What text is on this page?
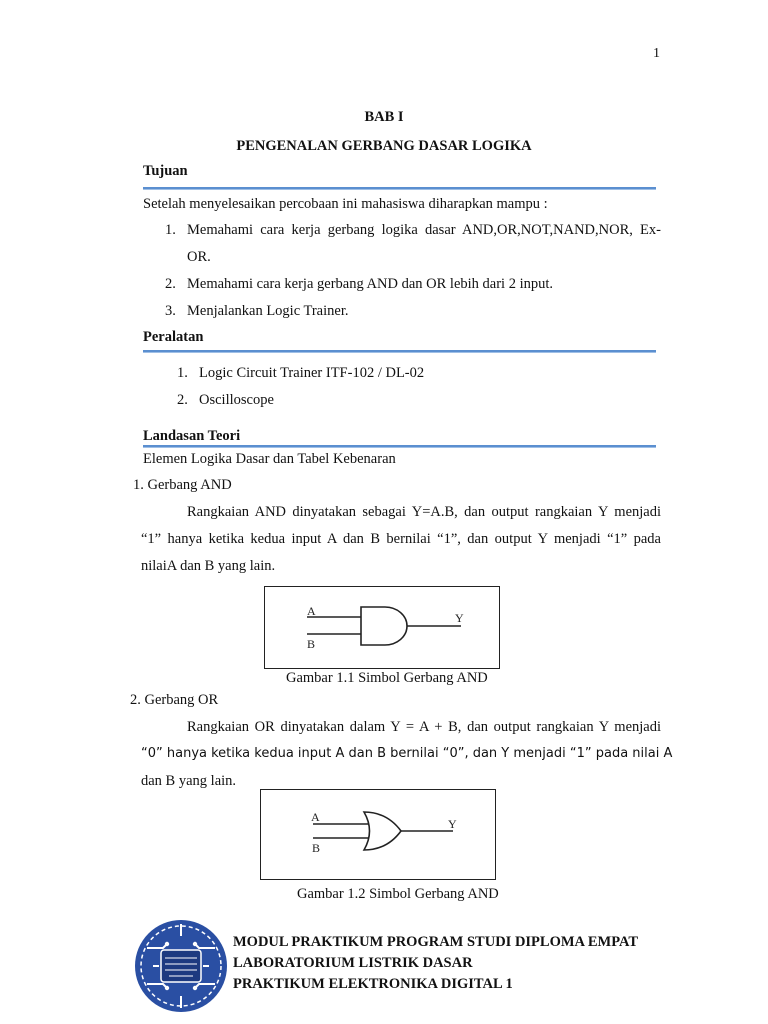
1
BAB I
PENGENALAN GERBANG DASAR LOGIKA
Tujuan
Setelah menyelesaikan percobaan ini mahasiswa diharapkan mampu :
1. Memahami cara kerja gerbang logika dasar AND,OR,NOT,NAND,NOR, Ex-
OR.
2. Memahami cara kerja gerbang AND dan OR lebih dari 2 input.
3. Menjalankan Logic Trainer.
Peralatan
1. Logic Circuit Trainer ITF-102 / DL-02
2. Oscilloscope
Landasan Teori
Elemen Logika Dasar dan Tabel Kebenaran
1. Gerbang AND
Rangkaian AND dinyatakan sebagai Y=A.B, dan output rangkaian Y menjadi
“1” hanya ketika kedua input A dan B bernilai “1”, dan output Y menjadi “1” pada
nilaiA dan B yang lain.
A
B
Y
Gambar 1.1 Simbol Gerbang AND
2. Gerbang OR
Rangkaian OR dinyatakan dalam Y = A + B, dan output rangkaian Y menjadi
“0” hanya ketika kedua input A dan B bernilai “0”, dan Y menjadi “1” pada nilai A
dan B yang lain.
A
B
Y
Gambar 1.2 Simbol Gerbang AND
MODUL PRAKTIKUM PROGRAM STUDI DIPLOMA EMPAT
LABORATORIUM LISTRIK DASAR
PRAKTIKUM ELEKTRONIKA DIGITAL 1
